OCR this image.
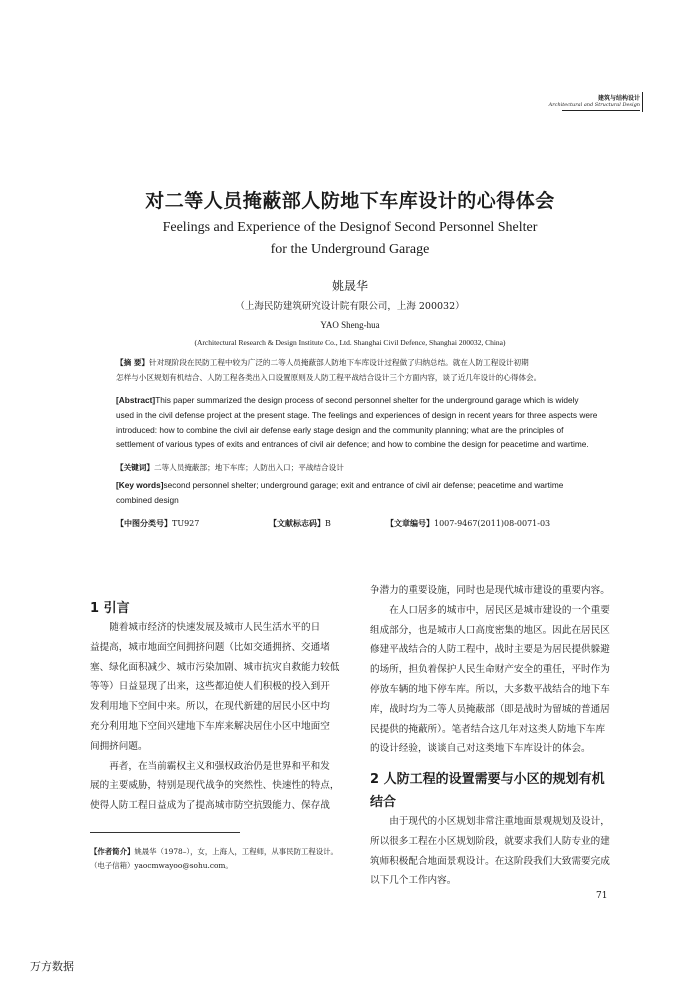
建筑与结构设计
Architectural and Structural Design
对二等人员掩蔽部人防地下车库设计的心得体会
Feelings and Experience of the Designof Second Personnel Shelter
for the Underground Garage
姚晟华
（上海民防建筑研究设计院有限公司，上海 200032）
YAO Sheng-hua
(Architectural Research & Design Institute Co., Ltd. Shanghai Civil Defence, Shanghai 200032, China)
【摘 要】针对现阶段在民防工程中较为广泛的二等人员掩蔽部人防地下车库设计过程做了归纳总结。就在人防工程设计初期
怎样与小区规划有机结合、人防工程各类出入口设置原则及人防工程平战结合设计三个方面内容，谈了近几年设计的心得体会。
[Abstract]This paper summarized the design process of second personnel shelter for the underground garage which is widely
used in the civil defense project at the present stage. The feelings and experiences of design in recent years for three aspects were
introduced: how to combine the civil air defense early stage design and the community planning; what are the principles of
settlement of various types of exits and entrances of civil air defence; and how to combine the design for peacetime and wartime.
【关键词】二等人员掩蔽部；地下车库；人防出入口；平战结合设计
[Key words]second personnel shelter; underground garage; exit and entrance of civil air defense; peacetime and wartime
combined design
【中图分类号】TU927	【文献标志码】B	【文章编号】1007-9467(2011)08-0071-03
1 引言

随着城市经济的快速发展及城市人民生活水平的日

益提高，城市地面空间拥挤问题（比如交通拥挤、交通堵

塞、绿化面积减少、城市污染加剧、城市抗灾自救能力较低

等等）日益显现了出来，这些都迫使人们积极的投入到开

发利用地下空间中来。所以，在现代新建的居民小区中均

充分利用地下空间兴建地下车库来解决居住小区中地面空

间拥挤问题。

再者，在当前霸权主义和强权政治仍是世界和平和发

展的主要威胁，特别是现代战争的突然性、快速性的特点，

使得人防工程日益成为了提高城市防空抗毁能力、保存战

争潜力的重要设施，同时也是现代城市建设的重要内容。

在人口居多的城市中，居民区是城市建设的一个重要

组成部分，也是城市人口高度密集的地区。因此在居民区

修建平战结合的人防工程中，战时主要是为居民提供躲避

的场所，担负着保护人民生命财产安全的重任，平时作为

停放车辆的地下停车库。所以，大多数平战结合的地下车

库，战时均为二等人员掩蔽部（即是战时为留城的普通居

民提供的掩蔽所）。笔者结合这几年对这类人防地下车库

的设计经验，谈谈自己对这类地下车库设计的体会。

2 人防工程的设置需要与小区的规划有机
结合

由于现代的小区规划非常注重地面景观规划及设计，

所以很多工程在小区规划阶段，就要求我们人防专业的建

筑师积极配合地面景观设计。在这阶段我们大致需要完成

以下几个工作内容。

【作者简介】姚晟华（1978–），女，上海人，工程师，从事民防工程设计。
（电子信箱）yaocmwayoo@sohu.com。
71
万方数据
